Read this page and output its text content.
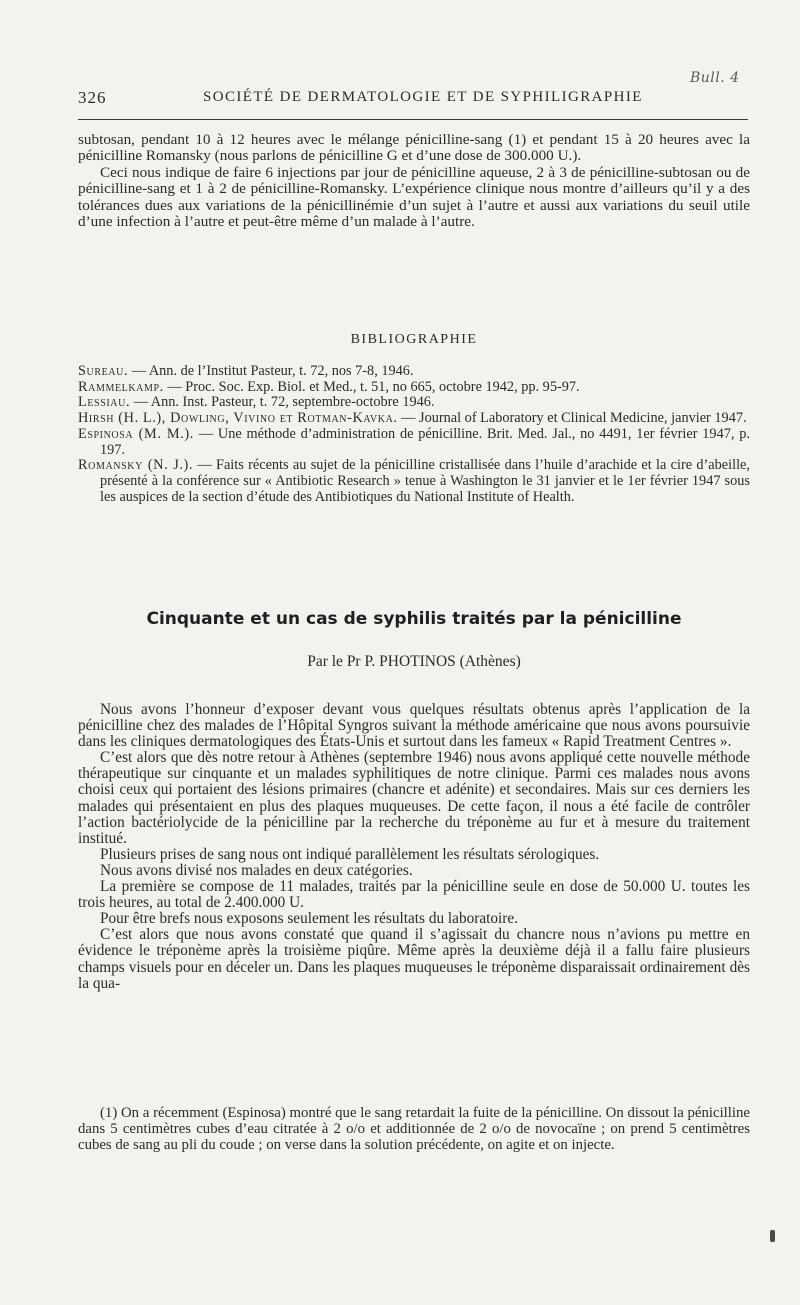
Bull. 4
326	SOCIÉTÉ DE DERMATOLOGIE ET DE SYPHILIGRAPHIE

subtosan, pendant 10 à 12 heures avec le mélange pénicilline-sang (1) et pendant 15 à 20 heures avec la pénicilline Romansky (nous parlons de pénicilline G et d’une dose de 300.000 U.).

Ceci nous indique de faire 6 injections par jour de pénicilline aqueuse, 2 à 3 de pénicilline-subtosan ou de pénicilline-sang et 1 à 2 de pénicilline-Romansky. L’expérience clinique nous montre d’ailleurs qu’il y a des tolérances dues aux variations de la pénicillinémie d’un sujet à l’autre et aussi aux variations du seuil utile d’une infection à l’autre et peut-être même d’un malade à l’autre.

BIBLIOGRAPHIE

Sureau. — Ann. de l’Institut Pasteur, t. 72, nos 7-8, 1946.

Rammelkamp. — Proc. Soc. Exp. Biol. et Med., t. 51, no 665, octobre 1942, pp. 95-97.

Lessiau. — Ann. Inst. Pasteur, t. 72, septembre-octobre 1946.

Hirsh (H. L.), Dowling, Vivino et Rotman-Kavka. — Journal of Laboratory et Clinical Medicine, janvier 1947.

Espinosa (M. M.). — Une méthode d’administration de pénicilline. Brit. Med. Jal., no 4491, 1er février 1947, p. 197.

Romansky (N. J.). — Faits récents au sujet de la pénicilline cristallisée dans l’huile d’arachide et la cire d’abeille, présenté à la conférence sur « Antibiotic Research » tenue à Washington le 31 janvier et le 1er février 1947 sous les auspices de la section d’étude des Antibiotiques du National Institute of Health.

Cinquante et un cas de syphilis traités par la pénicilline
Par le Pr P. PHOTINOS (Athènes)

Nous avons l’honneur d’exposer devant vous quelques résultats obtenus après l’application de la pénicilline chez des malades de l’Hôpital Syngros suivant la méthode américaine que nous avons poursuivie dans les cliniques dermatologiques des États-Unis et surtout dans les fameux « Rapid Treatment Centres ».

C’est alors que dès notre retour à Athènes (septembre 1946) nous avons appliqué cette nouvelle méthode thérapeutique sur cinquante et un malades syphilitiques de notre clinique. Parmi ces malades nous avons choisi ceux qui portaient des lésions primaires (chancre et adénite) et secondaires. Mais sur ces derniers les malades qui présentaient en plus des plaques muqueuses. De cette façon, il nous a été facile de contrôler l’action bactériolycide de la pénicilline par la recherche du tréponème au fur et à mesure du traitement institué.

Plusieurs prises de sang nous ont indiqué parallèlement les résultats sérologiques.

Nous avons divisé nos malades en deux catégories.

La première se compose de 11 malades, traités par la pénicilline seule en dose de 50.000 U. toutes les trois heures, au total de 2.400.000 U.

Pour être brefs nous exposons seulement les résultats du laboratoire.

C’est alors que nous avons constaté que quand il s’agissait du chancre nous n’avions pu mettre en évidence le tréponème après la troisième piqûre. Même après la deuxième déjà il a fallu faire plusieurs champs visuels pour en déceler un. Dans les plaques muqueuses le tréponème disparaissait ordinairement dès la qua-

(1) On a récemment (Espinosa) montré que le sang retardait la fuite de la pénicilline. On dissout la pénicilline dans 5 centimètres cubes d’eau citratée à 2 o/o et additionnée de 2 o/o de novocaïne ; on prend 5 centimètres cubes de sang au pli du coude ; on verse dans la solution précédente, on agite et on injecte.
